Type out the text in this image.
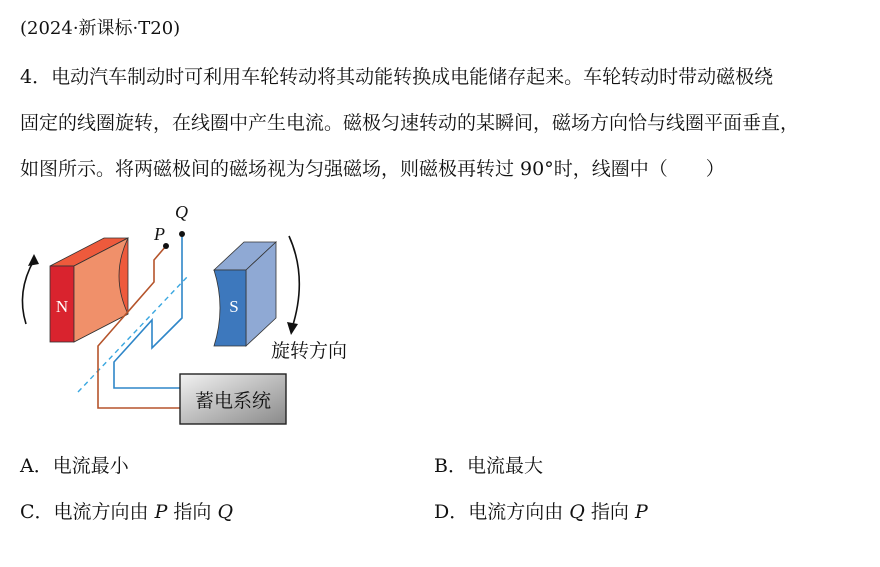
(2024·新课标·T20)
4．电动汽车制动时可利用车轮转动将其动能转换成电能储存起来。车轮转动时带动磁极绕
固定的线圈旋转，在线圈中产生电流。磁极匀速转动的某瞬间，磁场方向恰与线圈平面垂直，
如图所示。将两磁极间的磁场视为匀强磁场，则磁极再转过 90°时，线圈中（　　）
N	S
P
Q
蓄电系统
旋转方向
A．电流最小	B．电流最大
C．电流方向由 P 指向 Q	D．电流方向由 Q 指向 P
